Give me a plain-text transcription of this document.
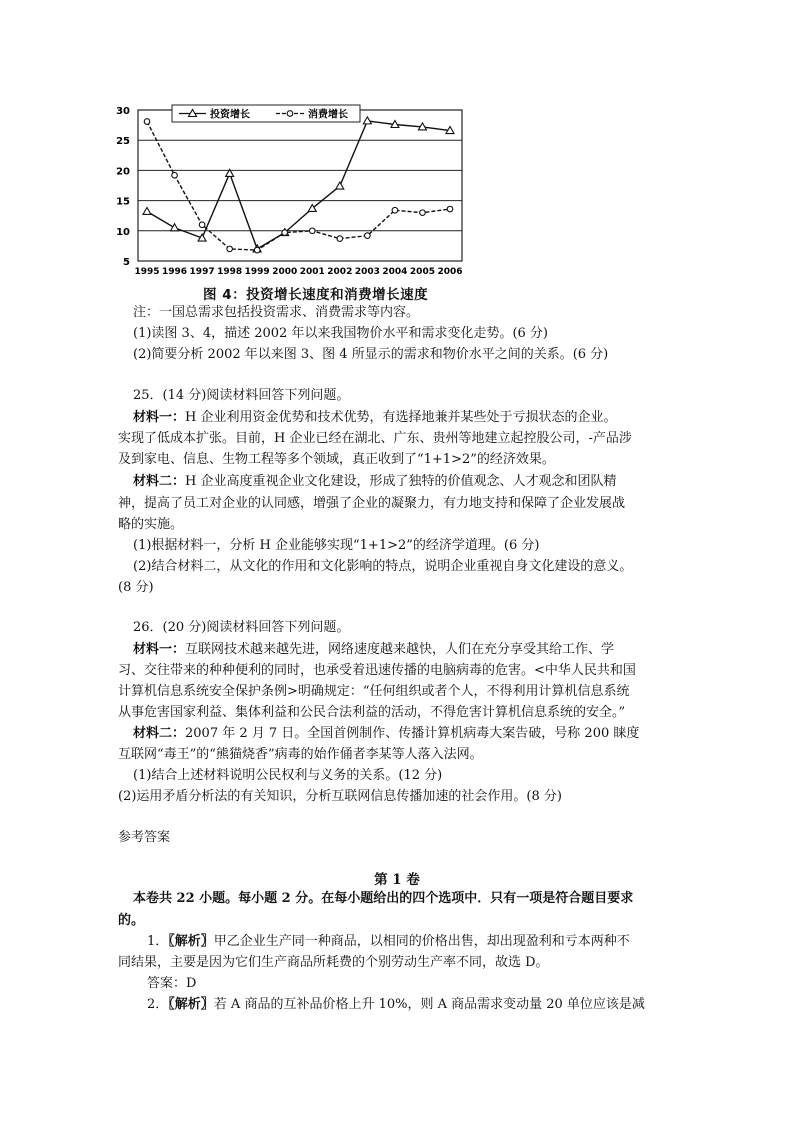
5
10
15
20
25
30
1995 1996 1997 1998 1999 2000 2001 2002 2003 2004 2005 2006
投资增长	消费增长
图 4：投资增长速度和消费增长速度
注：一国总需求包括投资需求、消费需求等内容。
(1)读图 3、4，描述 2002 年以来我国物价水平和需求变化走势。(6 分)
(2)简要分析 2002 年以来图 3、图 4 所显示的需求和物价水平之间的关系。(6 分)
25．(14 分)阅读材料回答下列问题。
材料一：H 企业利用资金优势和技术优势，有选择地兼并某些处于亏损状态的企业。
实现了低成本扩张。目前，H 企业已经在湖北、广东、贵州等地建立起控股公司，-产品涉
及到家电、信息、生物工程等多个领域，真正收到了“1+1>2”的经济效果。
材料二：H 企业高度重视企业文化建设，形成了独特的价值观念、人才观念和团队精
神，提高了员工对企业的认同感，增强了企业的凝聚力，有力地支持和保障了企业发展战
略的实施。
(1)根据材料一，分析 H 企业能够实现“1+1>2”的经济学道理。(6 分)
(2)结合材料二，从文化的作用和文化影响的特点，说明企业重视自身文化建设的意义。
(8 分)
26．(20 分)阅读材料回答下列问题。
材料一：互联网技术越来越先进，网络速度越来越快，人们在充分享受其给工作、学
习、交往带来的种种便利的同时，也承受着迅速传播的电脑病毒的危害。<中华人民共和国
计算机信息系统安全保护条例>明确规定：“任何组织或者个人，不得利用计算机信息系统
从事危害国家利益、集体利益和公民合法利益的活动，不得危害计算机信息系统的安全。”
材料二：2007 年 2 月 7 日。全国首例制作、传播计算机病毒大案告破，号称 200 睐度
互联网“毒王”的“熊猫烧香”病毒的始作俑者李某等人落入法网。
(1)结合上述材料说明公民权利与义务的关系。(12 分)
(2)运用矛盾分析法的有关知识，分析互联网信息传播加速的社会作用。(8 分)
参考答案
第 1 卷
本卷共 22 小题。每小题 2 分。在每小题给出的四个选项中．只有一项是符合题目要求
的。
1．〖解析〗甲乙企业生产同一种商品，以相同的价格出售，却出现盈利和亏本两种不
同结果，主要是因为它们生产商品所耗费的个别劳动生产率不同，故选 D。
答案：D
2．〖解析〗若 A 商品的互补品价格上升 10%，则 A 商品需求变动量 20 单位应该是减
